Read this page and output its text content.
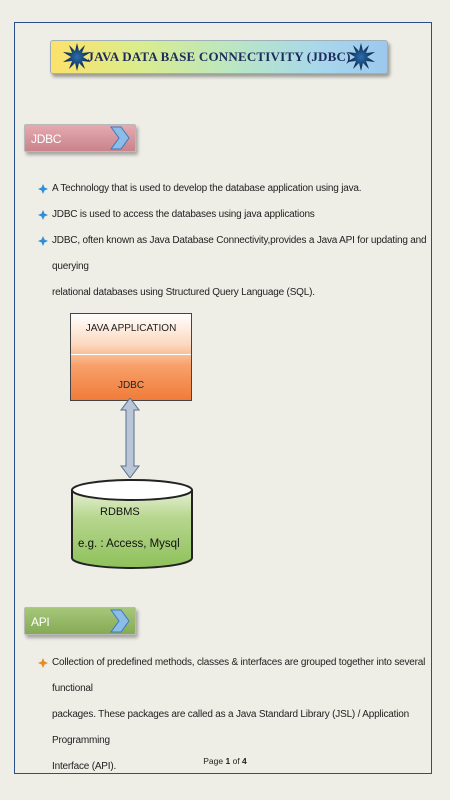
JAVA DATA BASE CONNECTIVITY (JDBC)
JDBC
A Technology that is used to develop the database application using java.
JDBC is used to access the databases using java applications
JDBC, often known as Java Database Connectivity,provides a Java API for updating and querying
relational databases using Structured Query Language (SQL).
JAVA APPLICATION
JDBC
RDBMS
e.g. : Access, Mysql
API
Collection of predefined methods, classes & interfaces are grouped together into several functional
packages. These packages are called as a Java Standard Library (JSL) / Application Programming
Interface (API).	Page 1 of 4
